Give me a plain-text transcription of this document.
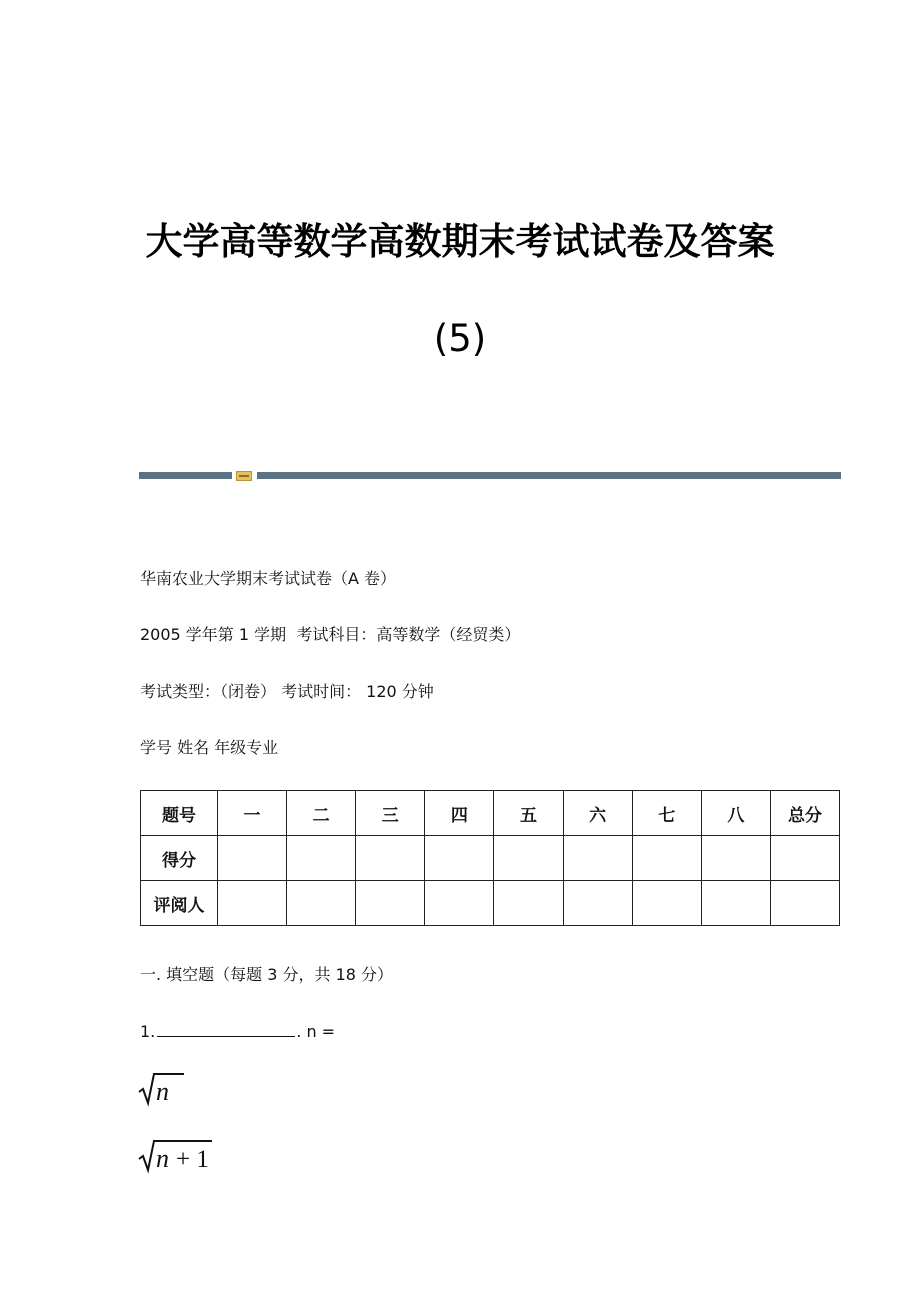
大学高等数学高数期末考试试卷及答案
(5)
华南农业大学期末考试试卷（A 卷）
2005 学年第 1 学期  考试科目：高等数学（经贸类）
考试类型：（闭卷） 考试时间： 120 分钟
学号 姓名 年级专业
题号	一	二	三	四	五	六	七	八	总分
得分									
评阅人									
一. 填空题（每题 3 分，共 18 分）
1.	. n =
n
n + 1
